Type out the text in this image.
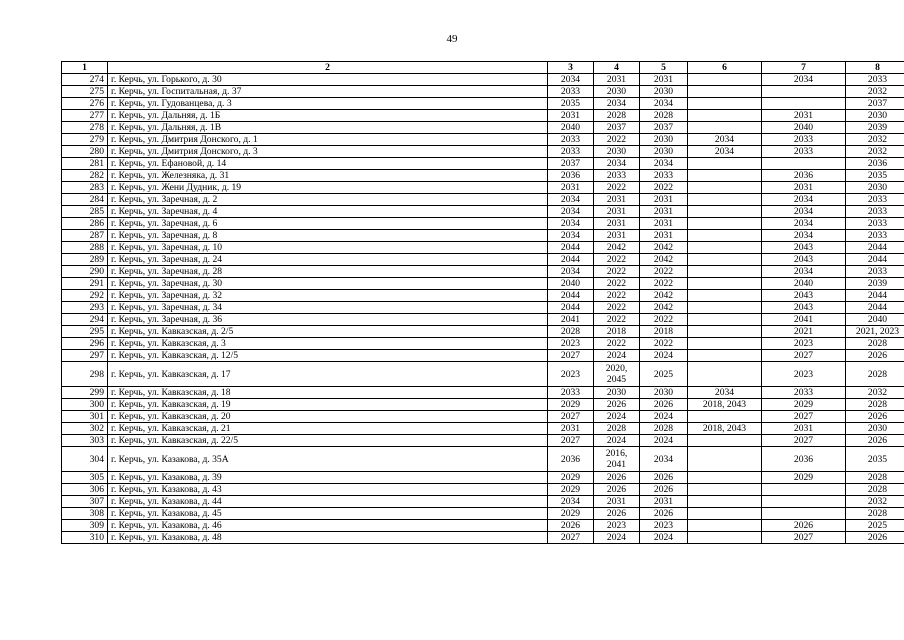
49
1	2	3	4	5	6	7	8
274	г. Керчь, ул. Горького, д. 30	2034	2031	2031		2034	2033
275	г. Керчь, ул. Госпитальная, д. 37	2033	2030	2030			2032
276	г. Керчь, ул. Гудованцева, д. 3	2035	2034	2034			2037
277	г. Керчь, ул. Дальняя, д. 1Б	2031	2028	2028		2031	2030
278	г. Керчь, ул. Дальняя, д. 1В	2040	2037	2037		2040	2039
279	г. Керчь, ул. Дмитрия Донского, д. 1	2033	2022	2030	2034	2033	2032
280	г. Керчь, ул. Дмитрия Донского, д. 3	2033	2030	2030	2034	2033	2032
281	г. Керчь, ул. Ефановой, д. 14	2037	2034	2034			2036
282	г. Керчь, ул. Железняка, д. 31	2036	2033	2033		2036	2035
283	г. Керчь, ул. Жени Дудник, д. 19	2031	2022	2022		2031	2030
284	г. Керчь, ул. Заречная, д. 2	2034	2031	2031		2034	2033
285	г. Керчь, ул. Заречная, д. 4	2034	2031	2031		2034	2033
286	г. Керчь, ул. Заречная, д. 6	2034	2031	2031		2034	2033
287	г. Керчь, ул. Заречная, д. 8	2034	2031	2031		2034	2033
288	г. Керчь, ул. Заречная, д. 10	2044	2042	2042		2043	2044
289	г. Керчь, ул. Заречная, д. 24	2044	2022	2042		2043	2044
290	г. Керчь, ул. Заречная, д. 28	2034	2022	2022		2034	2033
291	г. Керчь, ул. Заречная, д. 30	2040	2022	2022		2040	2039
292	г. Керчь, ул. Заречная, д. 32	2044	2022	2042		2043	2044
293	г. Керчь, ул. Заречная, д. 34	2044	2022	2042		2043	2044
294	г. Керчь, ул. Заречная, д. 36	2041	2022	2022		2041	2040
295	г. Керчь, ул. Кавказская, д. 2/5	2028	2018	2018		2021	2021, 2023
296	г. Керчь, ул. Кавказская, д. 3	2023	2022	2022		2023	2028
297	г. Керчь, ул. Кавказская, д. 12/5	2027	2024	2024		2027	2026
298	г. Керчь, ул. Кавказская, д. 17	2023	2020, 2045	2025		2023	2028
299	г. Керчь, ул. Кавказская, д. 18	2033	2030	2030	2034	2033	2032
300	г. Керчь, ул. Кавказская, д. 19	2029	2026	2026	2018, 2043	2029	2028
301	г. Керчь, ул. Кавказская, д. 20	2027	2024	2024		2027	2026
302	г. Керчь, ул. Кавказская, д. 21	2031	2028	2028	2018, 2043	2031	2030
303	г. Керчь, ул. Кавказская, д. 22/5	2027	2024	2024		2027	2026
304	г. Керчь, ул. Казакова, д. 35А	2036	2016, 2041	2034		2036	2035
305	г. Керчь, ул. Казакова, д. 39	2029	2026	2026		2029	2028
306	г. Керчь, ул. Казакова, д. 43	2029	2026	2026			2028
307	г. Керчь, ул. Казакова, д. 44	2034	2031	2031			2032
308	г. Керчь, ул. Казакова, д. 45	2029	2026	2026			2028
309	г. Керчь, ул. Казакова, д. 46	2026	2023	2023		2026	2025
310	г. Керчь, ул. Казакова, д. 48	2027	2024	2024		2027	2026
